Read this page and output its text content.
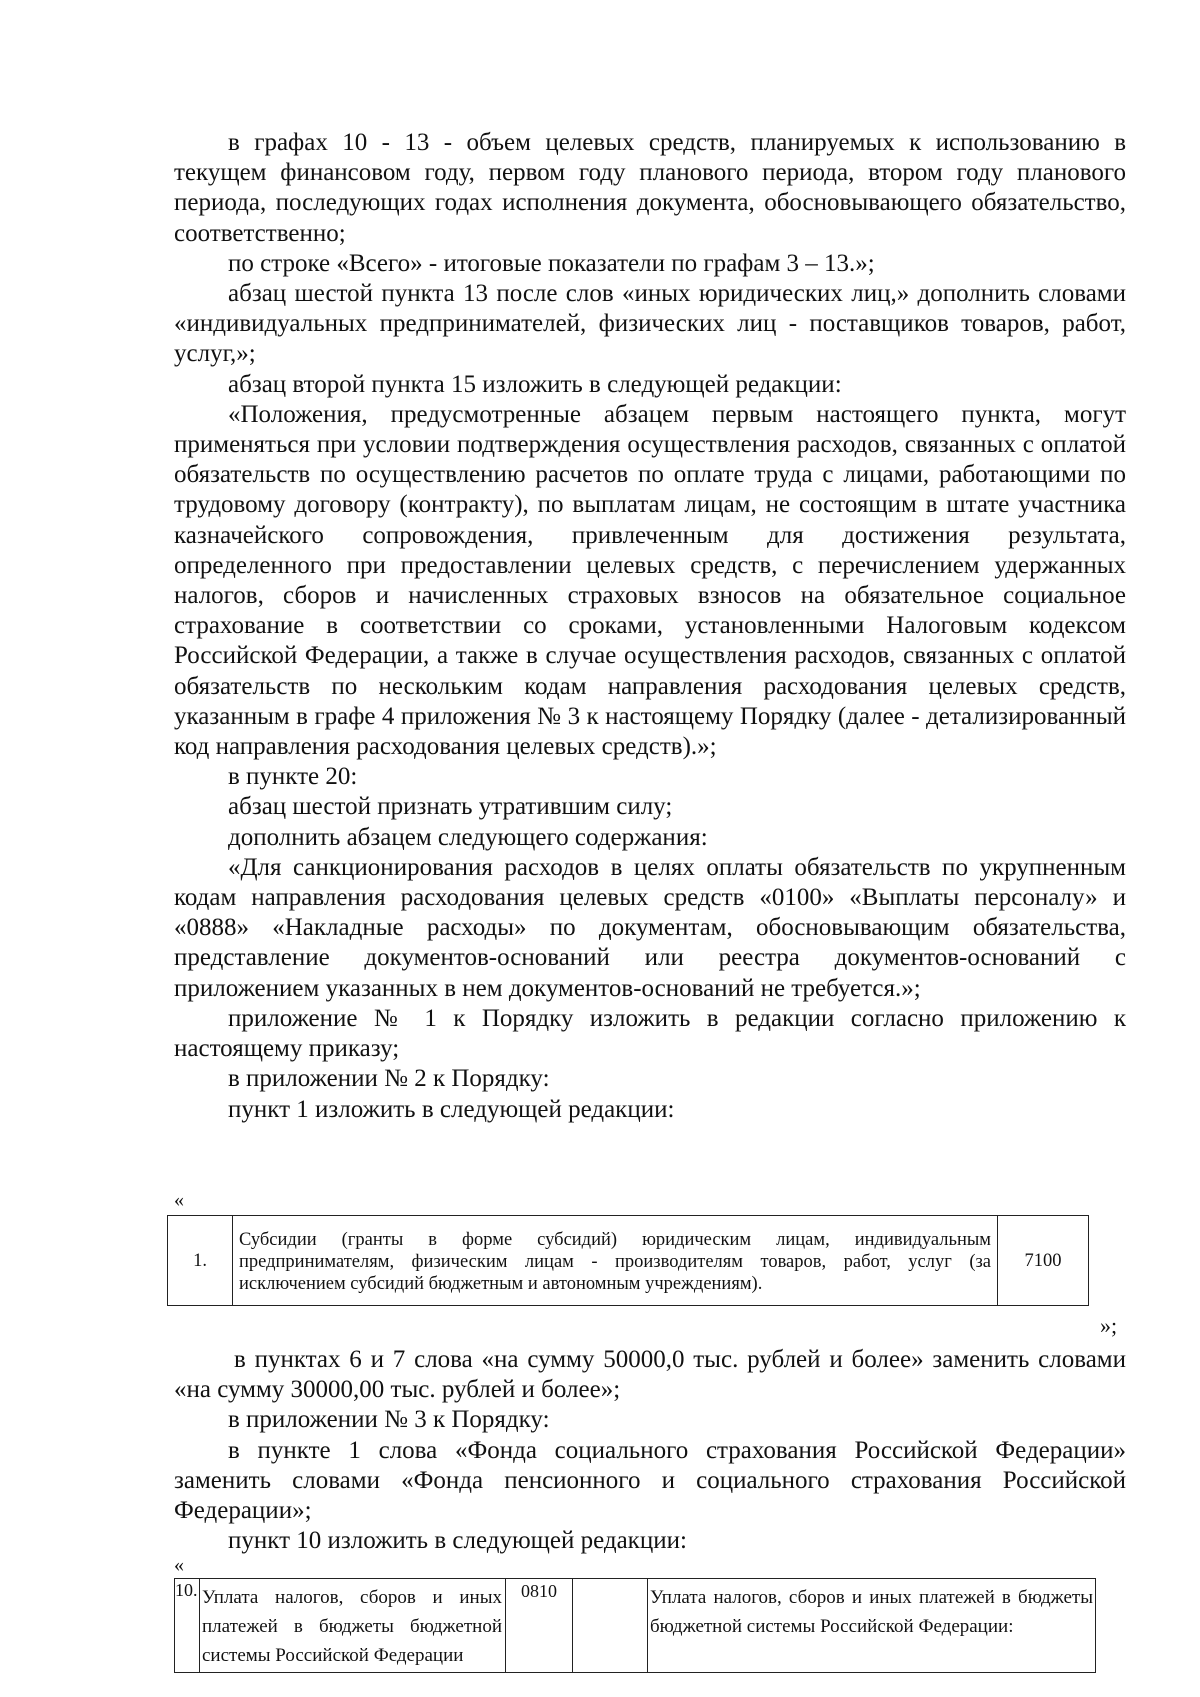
в графах 10 - 13 - объем целевых средств, планируемых к использованию в текущем финансовом году, первом году планового периода, втором году планового периода, последующих годах исполнения документа, обосновывающего обязательство, соответственно;

по строке «Всего» - итоговые показатели по графам 3 – 13.»;

абзац шестой пункта 13 после слов «иных юридических лиц,» дополнить словами «индивидуальных предпринимателей, физических лиц - поставщиков товаров, работ, услуг,»;

абзац второй пункта 15 изложить в следующей редакции:

«Положения, предусмотренные абзацем первым настоящего пункта, могут применяться при условии подтверждения осуществления расходов, связанных с оплатой обязательств по осуществлению расчетов по оплате труда с лицами, работающими по трудовому договору (контракту), по выплатам лицам, не состоящим в штате участника казначейского сопровождения, привлеченным для достижения результата, определенного при предоставлении целевых средств, с перечислением удержанных налогов, сборов и начисленных страховых взносов на обязательное социальное страхование в соответствии со сроками, установленными Налоговым кодексом Российской Федерации, а также в случае осуществления расходов, связанных с оплатой обязательств по нескольким кодам направления расходования целевых средств, указанным в графе 4 приложения № 3 к настоящему Порядку (далее - детализированный код направления расходования целевых средств).»;

в пункте 20:

абзац шестой признать утратившим силу;

дополнить абзацем следующего содержания:

«Для санкционирования расходов в целях оплаты обязательств по укрупненным кодам направления расходования целевых средств «0100» «Выплаты персоналу» и «0888» «Накладные расходы» по документам, обосновывающим обязательства, представление документов-оснований или реестра документов-оснований с приложением указанных в нем документов-оснований не требуется.»;

приложение № 1 к Порядку изложить в редакции согласно приложению к настоящему приказу;

в приложении № 2 к Порядку:

пункт 1 изложить в следующей редакции:

«
1.	Субсидии (гранты в форме субсидий) юридическим лицам, индивидуальным предпринимателям, физическим лицам - производителям товаров, работ, услуг (за исключением субсидий бюджетным и автономным учреждениям).	7100
»;

в пунктах 6 и 7 слова «на сумму 50000,0 тыс. рублей и более» заменить словами «на сумму 30000,00 тыс. рублей и более»;

в приложении № 3 к Порядку:

в пункте 1 слова «Фонда социального страхования Российской Федерации» заменить словами «Фонда пенсионного и социального страхования Российской Федерации»;

пункт 10 изложить в следующей редакции:

«
10.	Уплата налогов, сборов и иных платежей в бюджеты бюджетной системы Российской Федерации	0810		Уплата налогов, сборов и иных платежей в бюджеты бюджетной системы Российской Федерации:
